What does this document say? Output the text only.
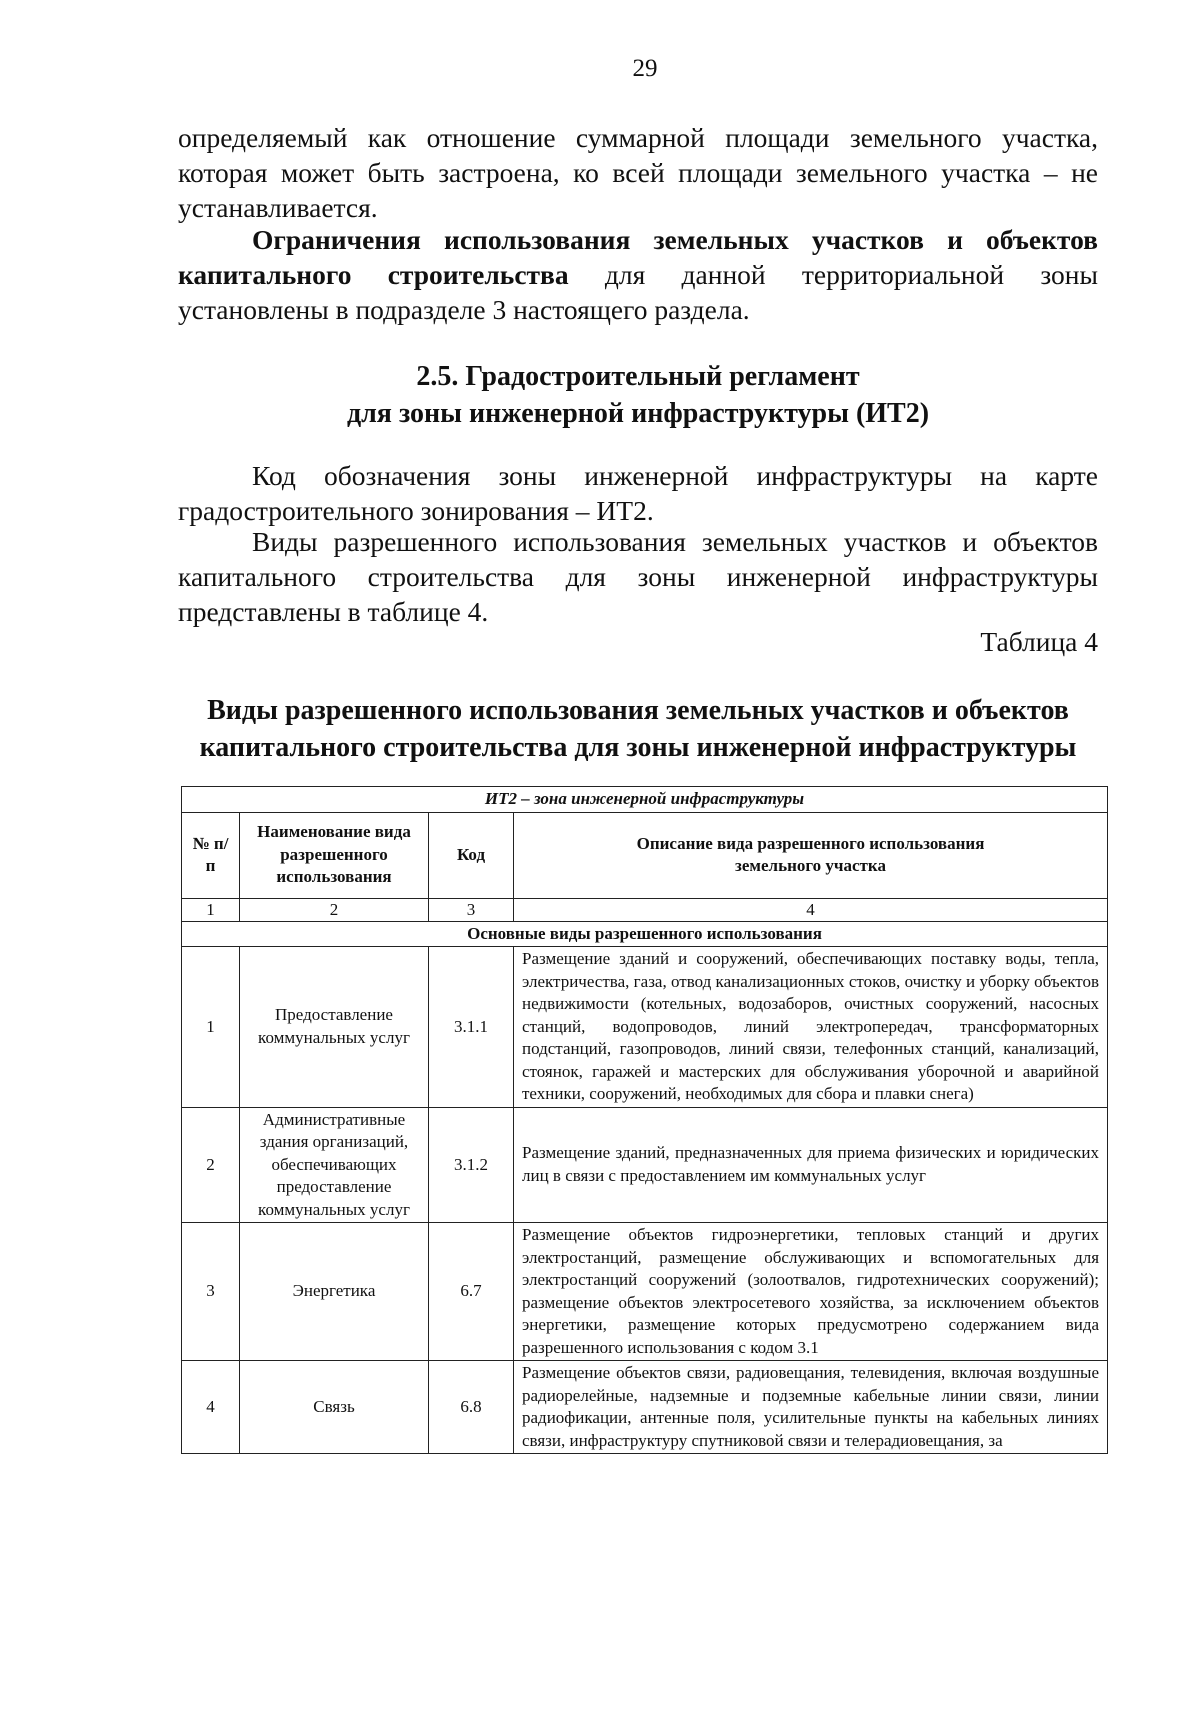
29

определяемый как отношение суммарной площади земельного участка, которая может быть застроена, ко всей площади земельного участка – не устанавливается.

Ограничения использования земельных участков и объектов капитального строительства для данной территориальной зоны установлены в подразделе 3 настоящего раздела.

2.5. Градостроительный регламент
для зоны инженерной инфраструктуры (ИТ2)

Код обозначения зоны инженерной инфраструктуры на карте градостроительного зонирования – ИТ2.

Виды разрешенного использования земельных участков и объектов капитального строительства для зоны инженерной инфраструктуры представлены в таблице 4.

Таблица 4
Виды разрешенного использования земельных участков и объектов
капитального строительства для зоны инженерной инфраструктуры
ИТ2 – зона инженерной инфраструктуры			
№ п/п	Наименование вида разрешенного использования	Код	Описание вида разрешенного использования земельного участка
1	2	3	4
Основные виды разрешенного использования			
1	Предоставление коммунальных услуг	3.1.1	Размещение зданий и сооружений, обеспечивающих поставку воды, тепла, электричества, газа, отвод канализационных стоков, очистку и уборку объектов недвижимости (котельных, водозаборов, очистных сооружений, насосных станций, водопроводов, линий электропередач, трансформаторных подстанций, газопроводов, линий связи, телефонных станций, канализаций, стоянок, гаражей и мастерских для обслуживания уборочной и аварийной техники, сооружений, необходимых для сбора и плавки снега)
2	Административные здания организаций, обеспечивающих предоставление коммунальных услуг	3.1.2	Размещение зданий, предназначенных для приема физических и юридических лиц в связи с предоставлением им коммунальных услуг
3	Энергетика	6.7	Размещение объектов гидроэнергетики, тепловых станций и других электростанций, размещение обслуживающих и вспомогательных для электростанций сооружений (золоотвалов, гидротехнических сооружений); размещение объектов электросетевого хозяйства, за исключением объектов энергетики, размещение которых предусмотрено содержанием вида разрешенного использования с кодом 3.1
4	Связь	6.8	Размещение объектов связи, радиовещания, телевидения, включая воздушные радиорелейные, надземные и подземные кабельные линии связи, линии радиофикации, антенные поля, усилительные пункты на кабельных линиях связи, инфраструктуру спутниковой связи и телерадиовещания, за
